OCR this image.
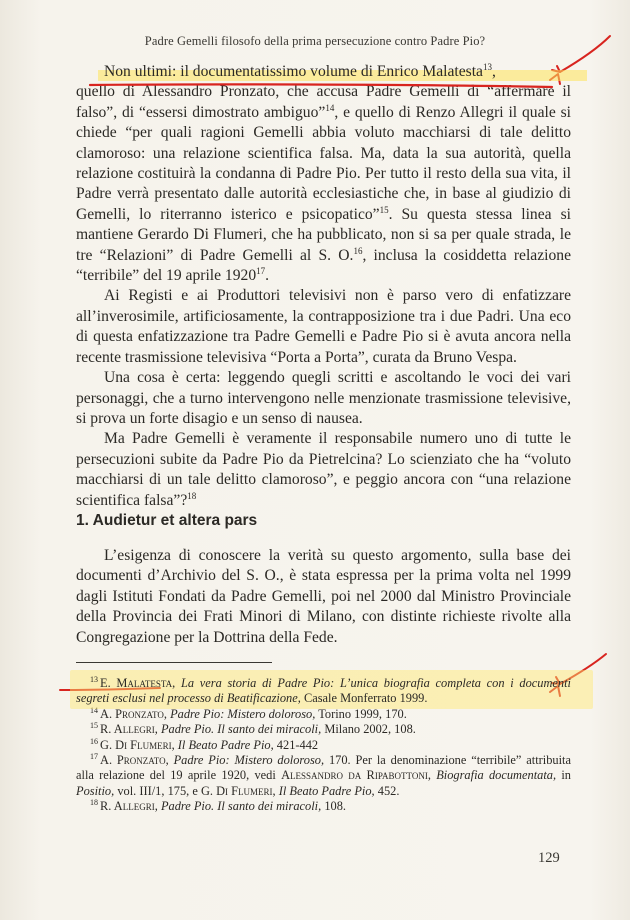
Padre Gemelli filosofo della prima persecuzione contro Padre Pio?

Non ultimi: il documentatissimo volume di Enrico Malatesta$^{13}$,
quello di Alessandro Pronzato, che accusa Padre Gemelli di “affermare il falso”, di “essersi dimostrato ambiguo”$^{14}$, e quello di Renzo Allegri il quale si chiede “per quali ragioni Gemelli abbia voluto macchiarsi di tale delitto clamoroso: una relazione scientifica falsa. Ma, data la sua autorità, quella relazione costituirà la condanna di Padre Pio. Per tutto il resto della sua vita, il Padre verrà presentato dalle autorità ecclesiastiche che, in base al giudizio di Gemelli, lo riterranno isterico e psicopatico”$^{15}$. Su questa stessa linea si mantiene Gerardo Di Flumeri, che ha pubblicato, non si sa per quale strada, le tre “Relazioni” di Padre Gemelli al S. O.$^{16}$, inclusa la cosiddetta relazione “terribile” del 19 aprile 1920$^{17}$.

Ai Registi e ai Produttori televisivi non è parso vero di enfatizzare all’inverosimile, artificiosamente, la contrapposizione tra i due Padri. Una eco di questa enfatizzazione tra Padre Gemelli e Padre Pio si è avuta ancora nella recente trasmissione televisiva “Porta a Porta”, curata da Bruno Vespa.

Una cosa è certa: leggendo quegli scritti e ascoltando le voci dei vari personaggi, che a turno intervengono nelle menzionate trasmissione televisive, si prova un forte disagio e un senso di nausea.

Ma Padre Gemelli è veramente il responsabile numero uno di tutte le persecuzioni subite da Padre Pio da Pietrelcina? Lo scienziato che ha “voluto macchiarsi di un tale delitto clamoroso”, e peggio ancora con “una relazione scientifica falsa”?$^{18}$

1. Audietur et altera pars

L’esigenza di conoscere la verità su questo argomento, sulla base dei documenti d’Archivio del S. O., è stata espressa per la prima volta nel 1999 dagli Istituti Fondati da Padre Gemelli, poi nel 2000 dal Ministro Provinciale della Provincia dei Frati Minori di Milano, con distinte richieste rivolte alla Congregazione per la Dottrina della Fede.

$^{13}$ E. Malatesta, La vera storia di Padre Pio: L’unica biografia completa con i documenti segreti esclusi nel processo di Beatificazione, Casale Monferrato 1999.

$^{14}$ A. Pronzato, Padre Pio: Mistero doloroso, Torino 1999, 170.

$^{15}$ R. Allegri, Padre Pio. Il santo dei miracoli, Milano 2002, 108.

$^{16}$ G. Di Flumeri, Il Beato Padre Pio, 421-442

$^{17}$ A. Pronzato, Padre Pio: Mistero doloroso, 170. Per la denominazione “terribile” attribuita alla relazione del 19 aprile 1920, vedi Alessandro da Ripabottoni, Biografia documentata, in Positio, vol. III/1, 175, e G. Di Flumeri, Il Beato Padre Pio, 452.

$^{18}$ R. Allegri, Padre Pio. Il santo dei miracoli, 108.

129
